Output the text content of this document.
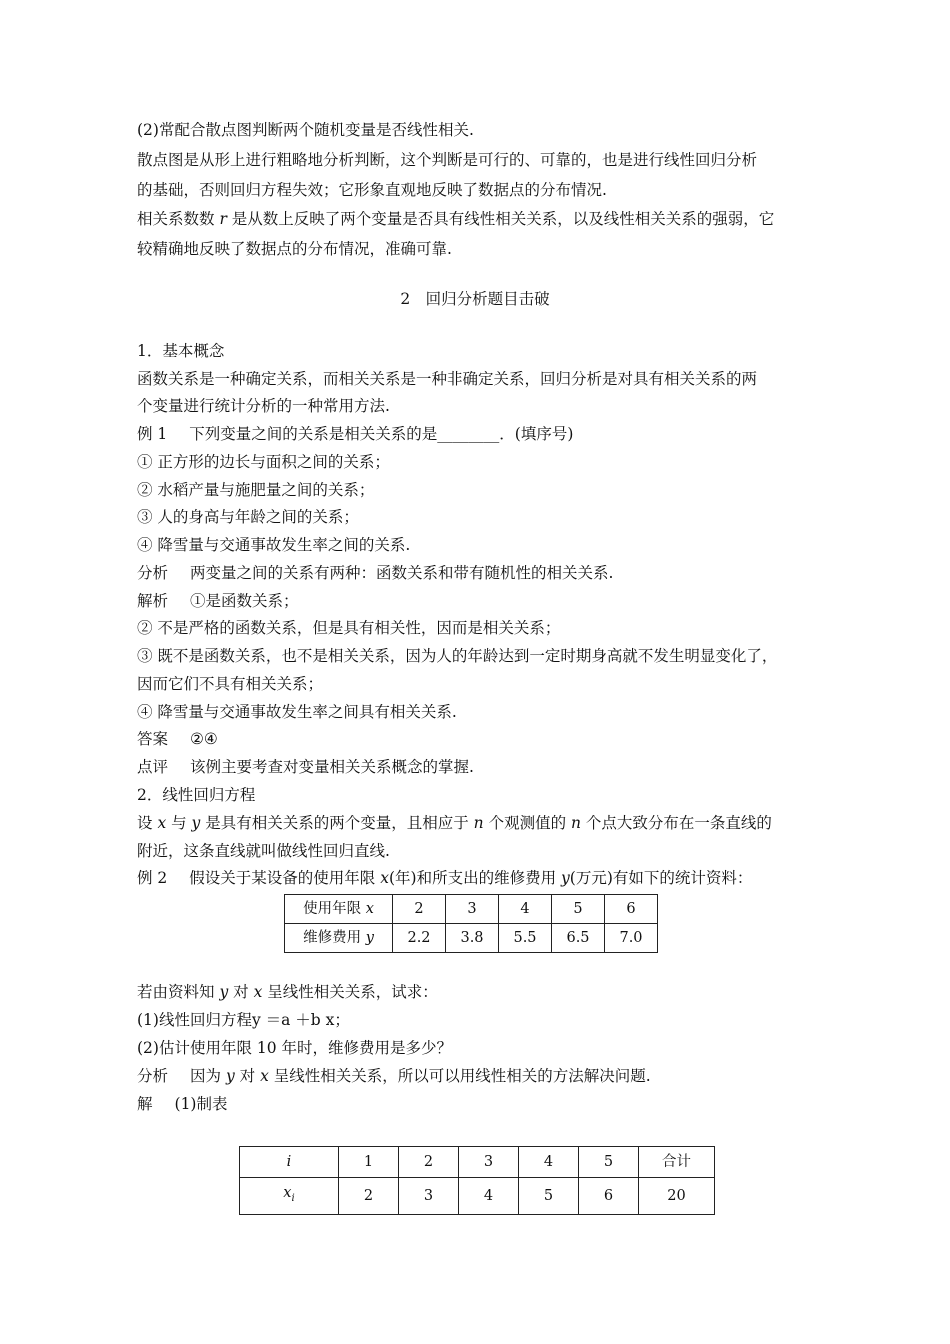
(2)常配合散点图判断两个随机变量是否线性相关.
散点图是从形上进行粗略地分析判断，这个判断是可行的、可靠的，也是进行线性回归分析
的基础，否则回归方程失效；它形象直观地反映了数据点的分布情况.
相关系数数 r 是从数上反映了两个变量是否具有线性相关关系，以及线性相关关系的强弱，它
较精确地反映了数据点的分布情况，准确可靠.
2　回归分析题目击破
1．基本概念
函数关系是一种确定关系，而相关关系是一种非确定关系，回归分析是对具有相关关系的两
个变量进行统计分析的一种常用方法.
例 1 下列变量之间的关系是相关关系的是________．(填序号)
① 正方形的边长与面积之间的关系；
② 水稻产量与施肥量之间的关系；
③ 人的身高与年龄之间的关系；
④ 降雪量与交通事故发生率之间的关系.
分析 两变量之间的关系有两种：函数关系和带有随机性的相关关系.
解析 ①是函数关系；
② 不是严格的函数关系，但是具有相关性，因而是相关关系；
③ 既不是函数关系，也不是相关关系，因为人的年龄达到一定时期身高就不发生明显变化了，
因而它们不具有相关关系；
④ 降雪量与交通事故发生率之间具有相关关系.
答案 ②④
点评 该例主要考查对变量相关关系概念的掌握.
2．线性回归方程
设 x 与 y 是具有相关关系的两个变量，且相应于 n 个观测值的 n 个点大致分布在一条直线的
附近，这条直线就叫做线性回归直线.
例 2 假设关于某设备的使用年限 x(年)和所支出的维修费用 y(万元)有如下的统计资料：
使用年限 x	2	3	4	5	6
维修费用 y	2.2	3.8	5.5	6.5	7.0
若由资料知 y 对 x 呈线性相关关系，试求：
(1)线性回归方程y ＝a ＋b x；
(2)估计使用年限 10 年时，维修费用是多少？
分析 因为 y 对 x 呈线性相关关系，所以可以用线性相关的方法解决问题.
解 (1)制表
i	1	2	3	4	5	合计
$x_i$	2	3	4	5	6	20
